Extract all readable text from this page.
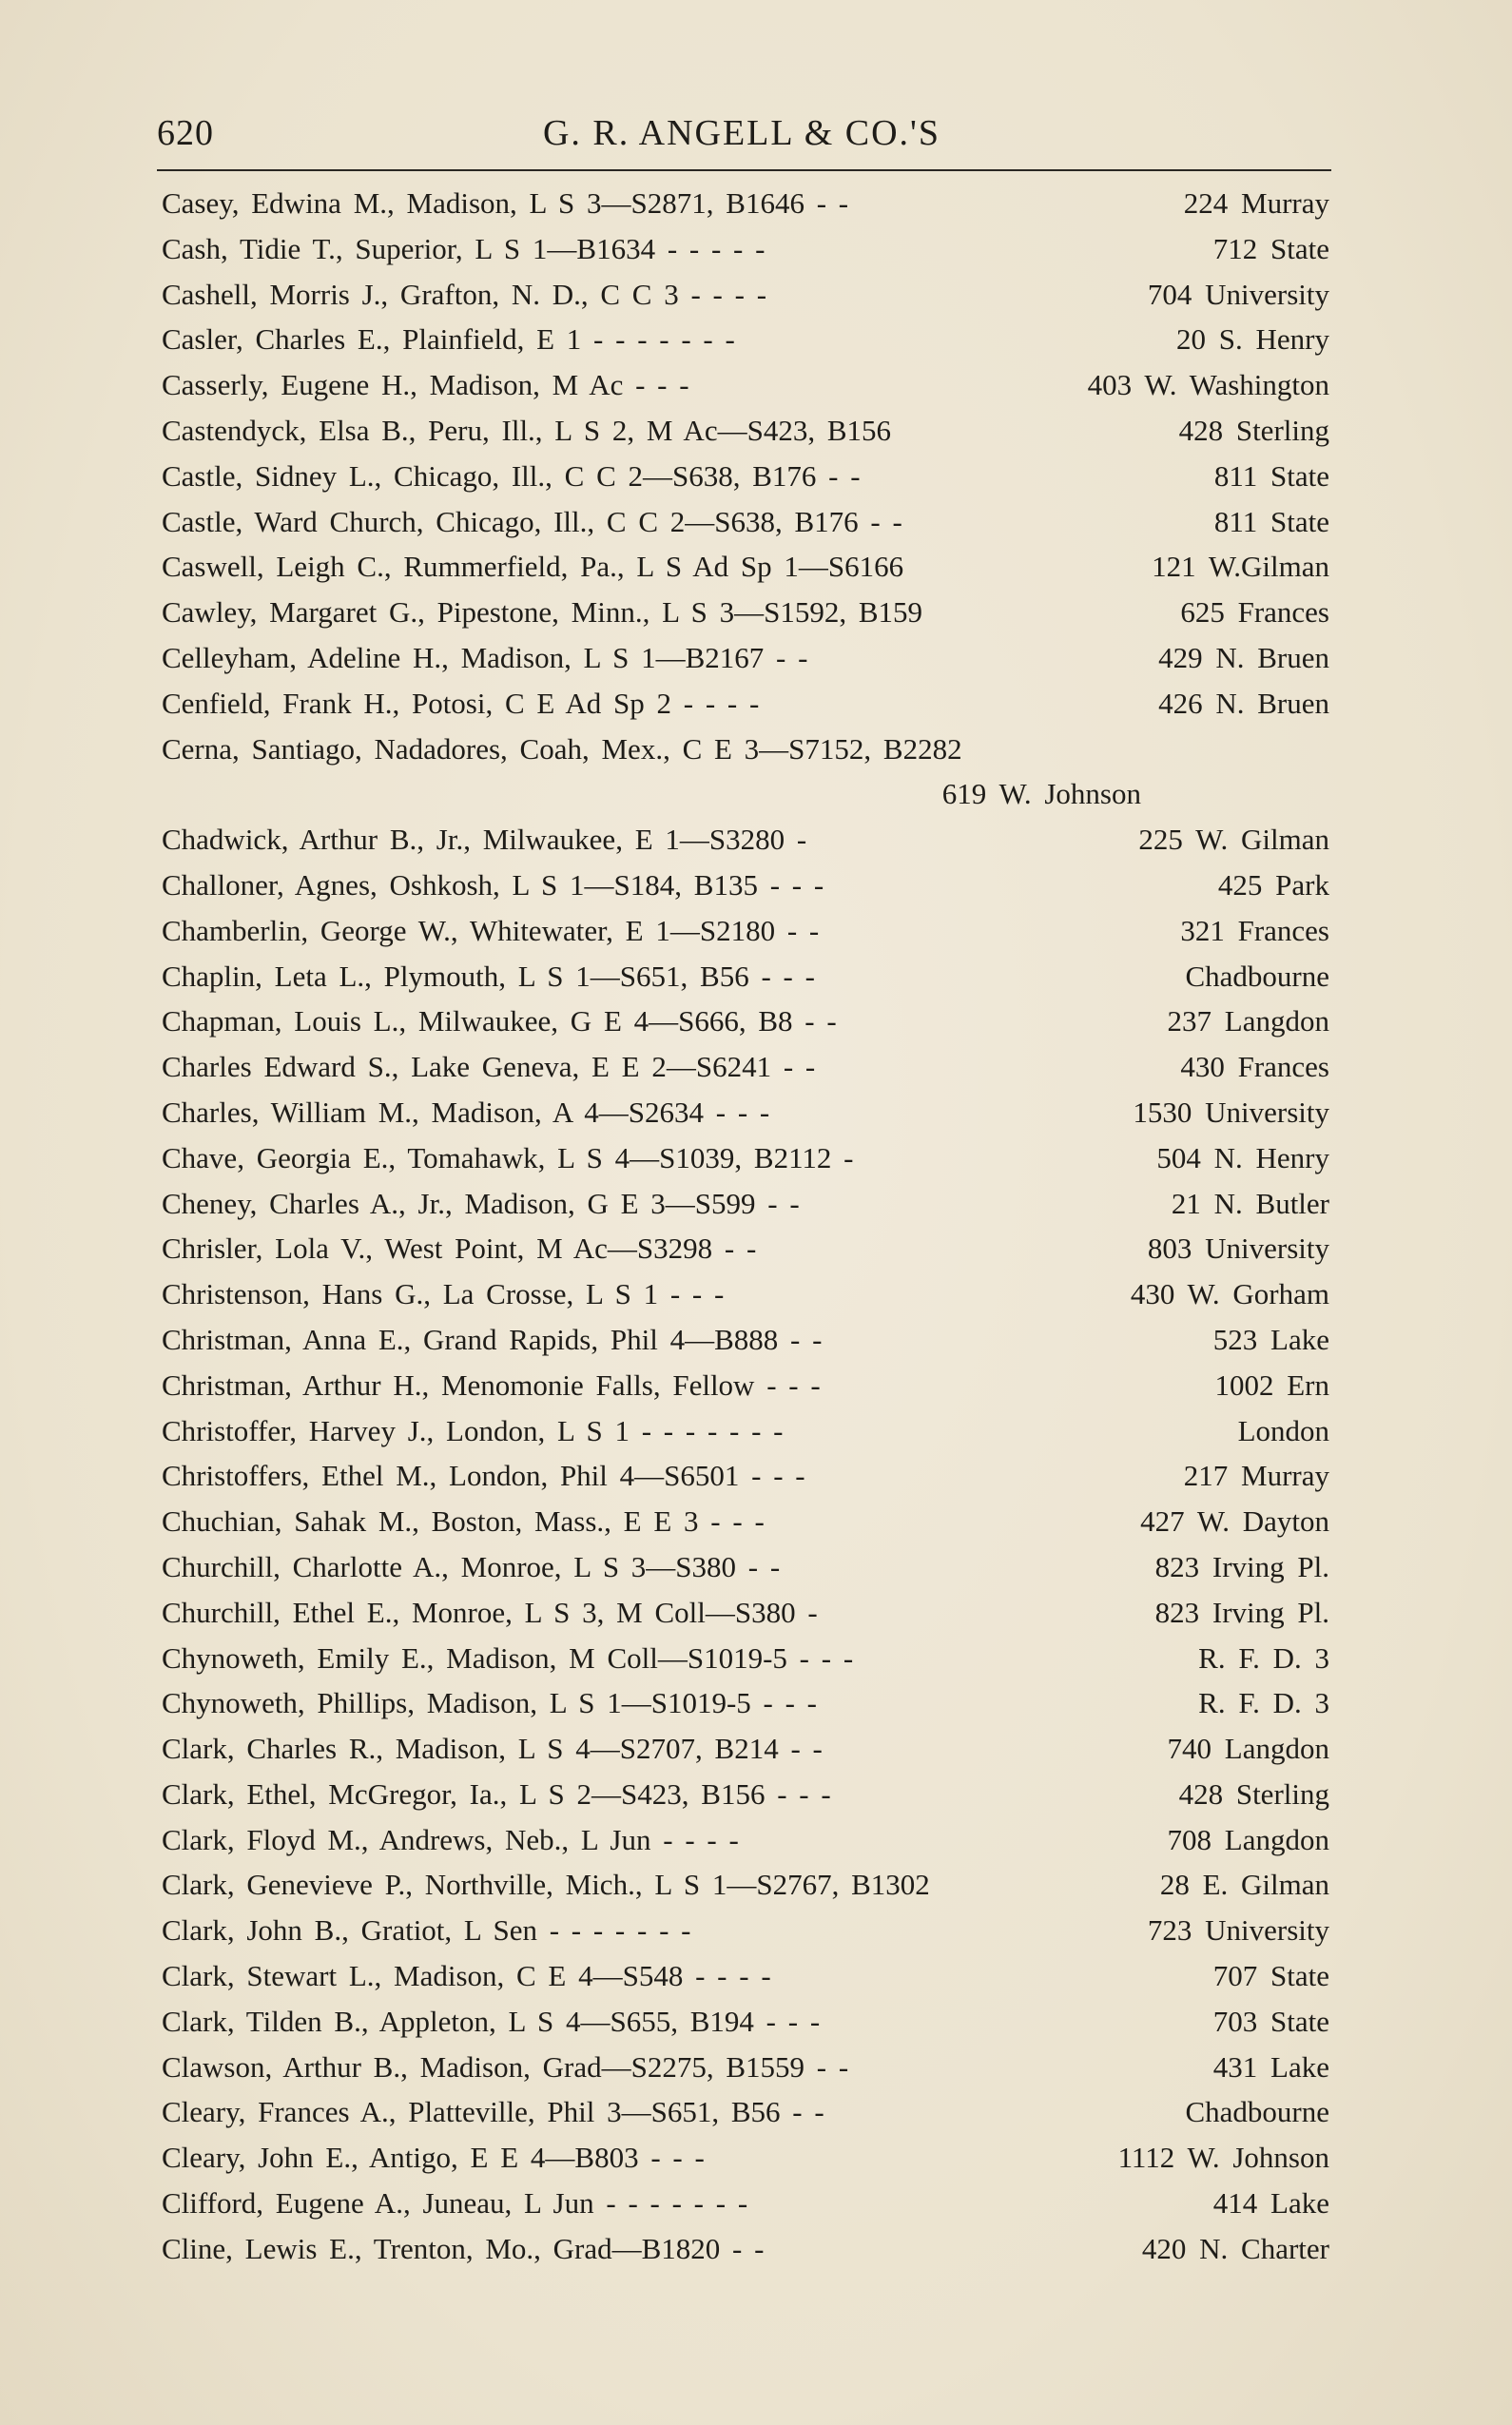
620	G. R. ANGELL & CO.'S
Casey, Edwina M., Madison, L S 3—S2871, B1646 - -	224 Murray
Cash, Tidie T., Superior, L S 1—B1634 - - - - -	712 State
Cashell, Morris J., Grafton, N. D., C C 3 - - - -	704 University
Casler, Charles E., Plainfield, E 1 - - - - - - -	20 S. Henry
Casserly, Eugene H., Madison, M Ac - - -	403 W. Washington
Castendyck, Elsa B., Peru, Ill., L S 2, M Ac—S423, B156	428 Sterling
Castle, Sidney L., Chicago, Ill., C C 2—S638, B176 - -	811 State
Castle, Ward Church, Chicago, Ill., C C 2—S638, B176 - -	811 State
Caswell, Leigh C., Rummerfield, Pa., L S Ad Sp 1—S6166	121 W.Gilman
Cawley, Margaret G., Pipestone, Minn., L S 3—S1592, B159	625 Frances
Celleyham, Adeline H., Madison, L S 1—B2167 - -	429 N. Bruen
Cenfield, Frank H., Potosi, C E Ad Sp 2 - - - -	426 N. Bruen
Cerna, Santiago, Nadadores, Coah, Mex., C E 3—S7152, B2282
619 W. Johnson
Chadwick, Arthur B., Jr., Milwaukee, E 1—S3280 -	225 W. Gilman
Challoner, Agnes, Oshkosh, L S 1—S184, B135 - - -	425 Park
Chamberlin, George W., Whitewater, E 1—S2180 - -	321 Frances
Chaplin, Leta L., Plymouth, L S 1—S651, B56 - - -	Chadbourne
Chapman, Louis L., Milwaukee, G E 4—S666, B8 - -	237 Langdon
Charles Edward S., Lake Geneva, E E 2—S6241 - -	430 Frances
Charles, William M., Madison, A 4—S2634 - - -	1530 University
Chave, Georgia E., Tomahawk, L S 4—S1039, B2112 -	504 N. Henry
Cheney, Charles A., Jr., Madison, G E 3—S599 - -	21 N. Butler
Chrisler, Lola V., West Point, M Ac—S3298 - -	803 University
Christenson, Hans G., La Crosse, L S 1 - - -	430 W. Gorham
Christman, Anna E., Grand Rapids, Phil 4—B888 - -	523 Lake
Christman, Arthur H., Menomonie Falls, Fellow - - -	1002 Ern
Christoffer, Harvey J., London, L S 1 - - - - - - -	London
Christoffers, Ethel M., London, Phil 4—S6501 - - -	217 Murray
Chuchian, Sahak M., Boston, Mass., E E 3 - - -	427 W. Dayton
Churchill, Charlotte A., Monroe, L S 3—S380 - -	823 Irving Pl.
Churchill, Ethel E., Monroe, L S 3, M Coll—S380 -	823 Irving Pl.
Chynoweth, Emily E., Madison, M Coll—S1019-5 - - -	R. F. D. 3
Chynoweth, Phillips, Madison, L S 1—S1019-5 - - -	R. F. D. 3
Clark, Charles R., Madison, L S 4—S2707, B214 - -	740 Langdon
Clark, Ethel, McGregor, Ia., L S 2—S423, B156 - - -	428 Sterling
Clark, Floyd M., Andrews, Neb., L Jun - - - -	708 Langdon
Clark, Genevieve P., Northville, Mich., L S 1—S2767, B1302	28 E. Gilman
Clark, John B., Gratiot, L Sen - - - - - - -	723 University
Clark, Stewart L., Madison, C E 4—S548 - - - -	707 State
Clark, Tilden B., Appleton, L S 4—S655, B194 - - -	703 State
Clawson, Arthur B., Madison, Grad—S2275, B1559 - -	431 Lake
Cleary, Frances A., Platteville, Phil 3—S651, B56 - -	Chadbourne
Cleary, John E., Antigo, E E 4—B803 - - -	1112 W. Johnson
Clifford, Eugene A., Juneau, L Jun - - - - - - -	414 Lake
Cline, Lewis E., Trenton, Mo., Grad—B1820 - -	420 N. Charter
